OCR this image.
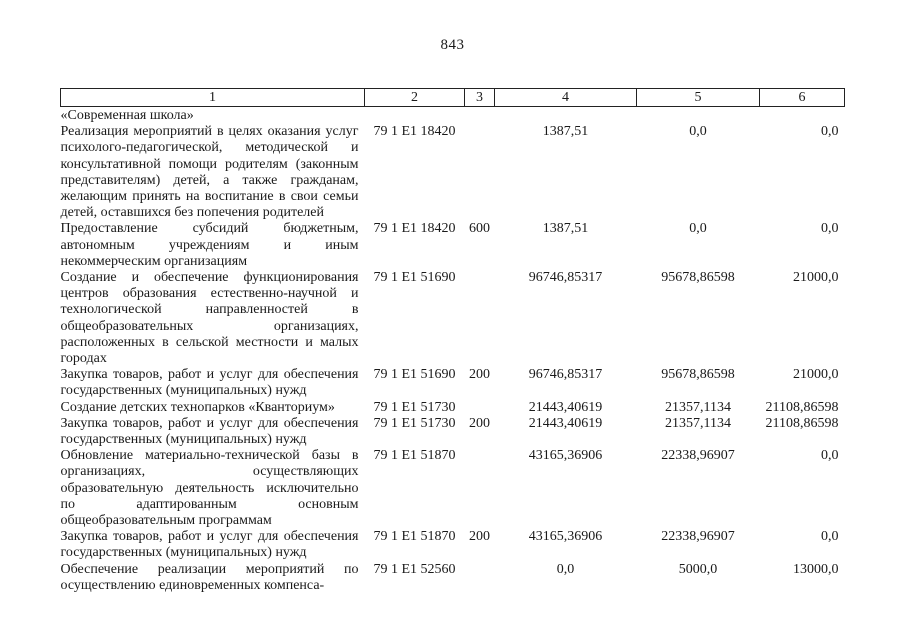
843
1	2	3	4	5	6
«Современная школа»					
Реализация мероприятий в целях оказания услуг психолого-педагогической, методической и консультативной помощи родителям (законным представителям) детей, а также гражданам, желающим принять на воспитание в свои семьи детей, оставшихся без попечения родителей	79 1 E1 18420		1387,51	0,0	0,0
Предоставление субсидий бюджетным, автономным учреждениям и иным некоммерческим организациям	79 1 E1 18420	600	1387,51	0,0	0,0
Создание и обеспечение функционирования центров образования естественно-научной и технологической направленностей в общеобразовательных организациях, расположенных в сельской местности и малых городах	79 1 E1 51690		96746,85317	95678,86598	21000,0
Закупка товаров, работ и услуг для обеспечения государственных (муниципальных) нужд	79 1 E1 51690	200	96746,85317	95678,86598	21000,0
Создание детских технопарков «Кванториум»	79 1 E1 51730		21443,40619	21357,1134	21108,86598
Закупка товаров, работ и услуг для обеспечения государственных (муниципальных) нужд	79 1 E1 51730	200	21443,40619	21357,1134	21108,86598
Обновление материально-технической базы в организациях, осуществляющих образовательную деятельность исключительно по адаптированным основным общеобразовательным программам	79 1 E1 51870		43165,36906	22338,96907	0,0
Закупка товаров, работ и услуг для обеспечения государственных (муниципальных) нужд	79 1 E1 51870	200	43165,36906	22338,96907	0,0
Обеспечение реализации мероприятий по осуществлению единовременных компенса-	79 1 E1 52560		0,0	5000,0	13000,0
